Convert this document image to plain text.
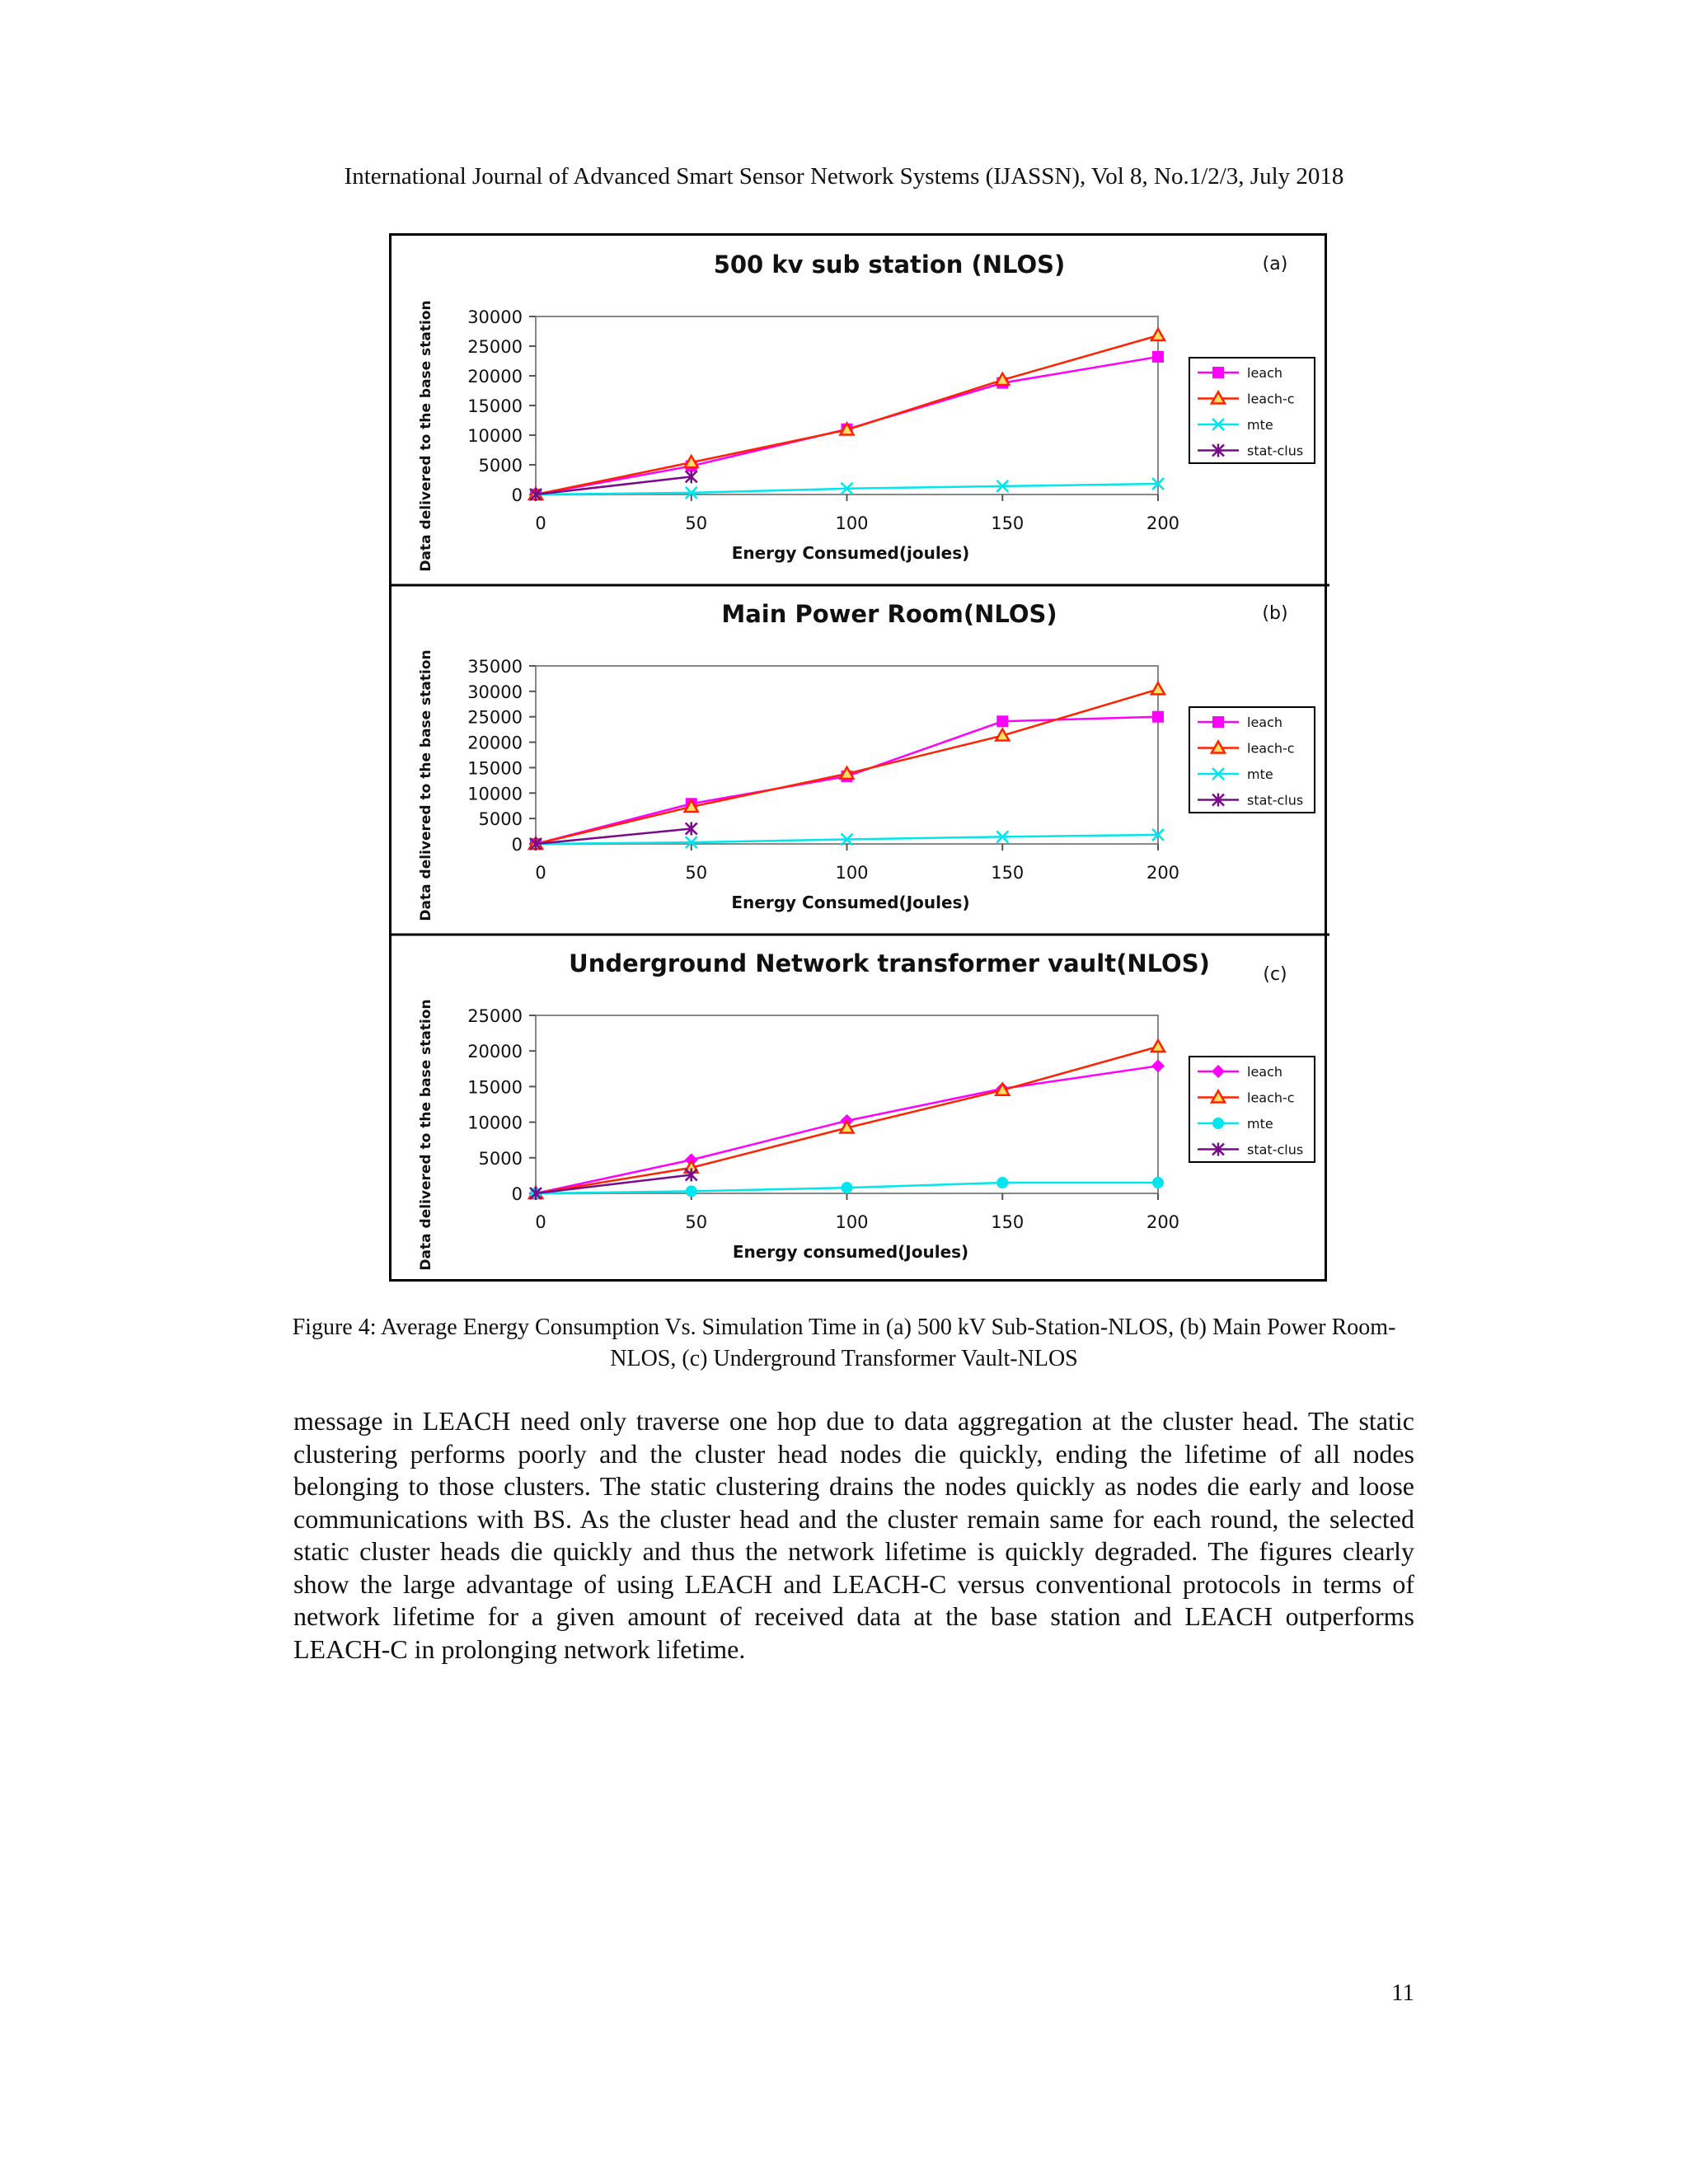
International Journal of Advanced Smart Sensor Network Systems (IJASSN), Vol 8, No.1/2/3, July 2018
500 kv sub station (NLOS)	(a)
30000
25000
20000
15000
10000
5000
0
0	50	100	150	200
Energy Consumed(joules)
Data delivered to the base station	leach
leach-c
mte
stat-clus
Main Power Room(NLOS)	(b)
35000
30000
25000
20000
15000
10000
5000
0
0	50	100	150	200
Energy Consumed(Joules)
Data delivered to the base station	leach
leach-c
mte
stat-clus
Underground Network transformer vault(NLOS)	(c)
25000
20000
15000
10000
5000
0
0	50	100	150	200
Energy consumed(Joules)
Data delivered to the base station	leach
leach-c
mte
stat-clus
Figure 4: Average Energy Consumption Vs. Simulation Time in (a) 500 kV Sub-Station-NLOS, (b) Main Power Room-NLOS, (c) Underground Transformer Vault-NLOS

message in LEACH need only traverse one hop due to data aggregation at the cluster head. The static clustering performs poorly and the cluster head nodes die quickly, ending the lifetime of all nodes belonging to those clusters. The static clustering drains the nodes quickly as nodes die early and loose communications with BS. As the cluster head and the cluster remain same for each round, the selected static cluster heads die quickly and thus the network lifetime is quickly degraded. The figures clearly show the large advantage of using LEACH and LEACH-C versus conventional protocols in terms of network lifetime for a given amount of received data at the base station and LEACH outperforms LEACH-C in prolonging network lifetime.

11
